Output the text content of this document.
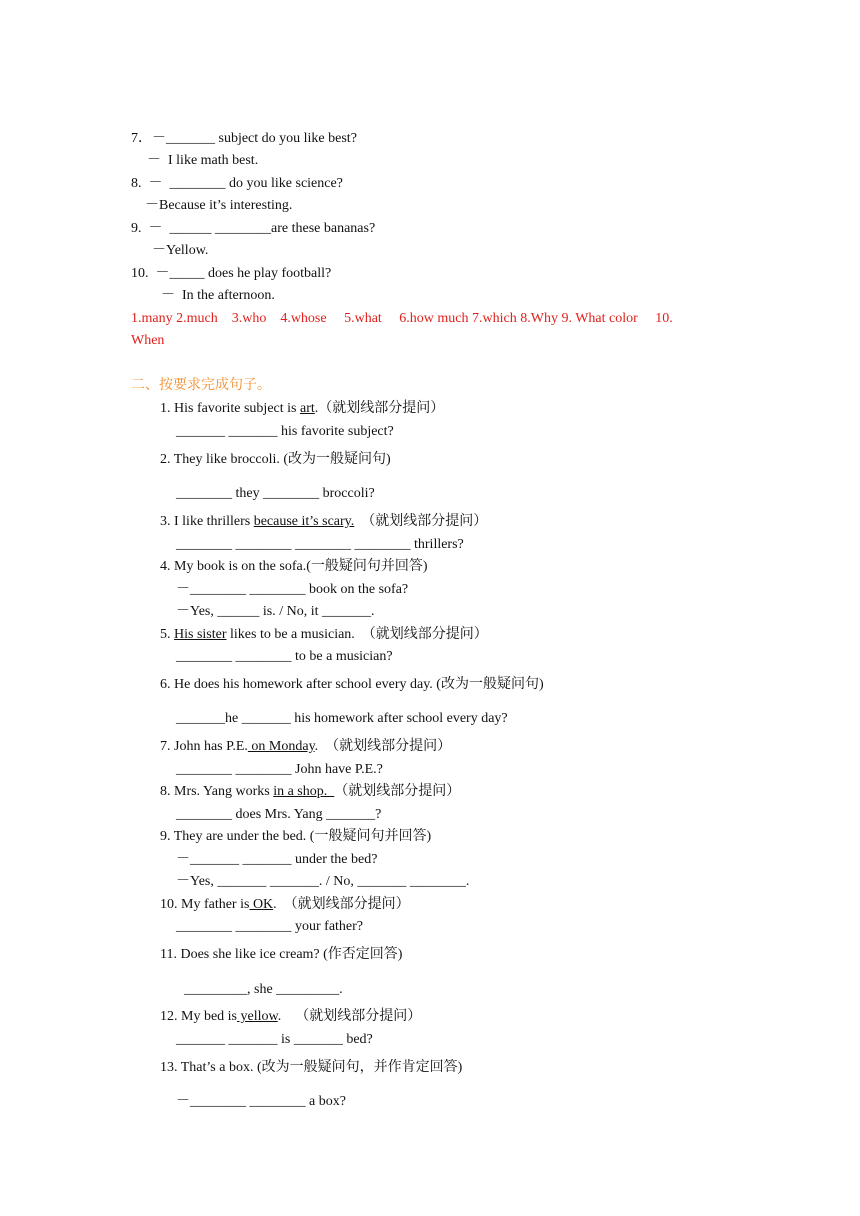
7．－_______ subject do you like best?
－  I like math best.
8.  －  ________ do you like science?
－Because it’s interesting.
9.  －  ______ ________are these bananas?
－Yellow.
10.  －_____ does he play football?
－  In the afternoon.
1.many 2.much    3.who    4.whose     5.what     6.how much 7.which 8.Why 9. What color     10.
When
二、按要求完成句子。
1. His favorite subject is art.（就划线部分提问）
_______ _______ his favorite subject?
2. They like broccoli. (改为一般疑问句)
________ they ________ broccoli?
3. I like thrillers because it’s scary.  （就划线部分提问）
________ ________ ________ ________ thrillers?
4. My book is on the sofa.(一般疑问句并回答)
－________ ________ book on the sofa?
－Yes, ______ is. / No, it _______.
5. His sister likes to be a musician.  （就划线部分提问）
________ ________ to be a musician?
6. He does his homework after school every day. (改为一般疑问句)
_______he _______ his homework after school every day?
7. John has P.E. on Monday.  （就划线部分提问）
________ ________ John have P.E.?
8. Mrs. Yang works in a shop.  （就划线部分提问）
________ does Mrs. Yang _______?
9. They are under the bed. (一般疑问句并回答)
－_______ _______ under the bed?
－Yes, _______ _______. / No, _______ ________.
10. My father is OK.  （就划线部分提问）
________ ________ your father?
11. Does she like ice cream? (作否定回答)
_________, she _________.
12. My bed is yellow.    （就划线部分提问）
_______ _______ is _______ bed?
13. That’s a box. (改为一般疑问句，并作肯定回答)
－________ ________ a box?
